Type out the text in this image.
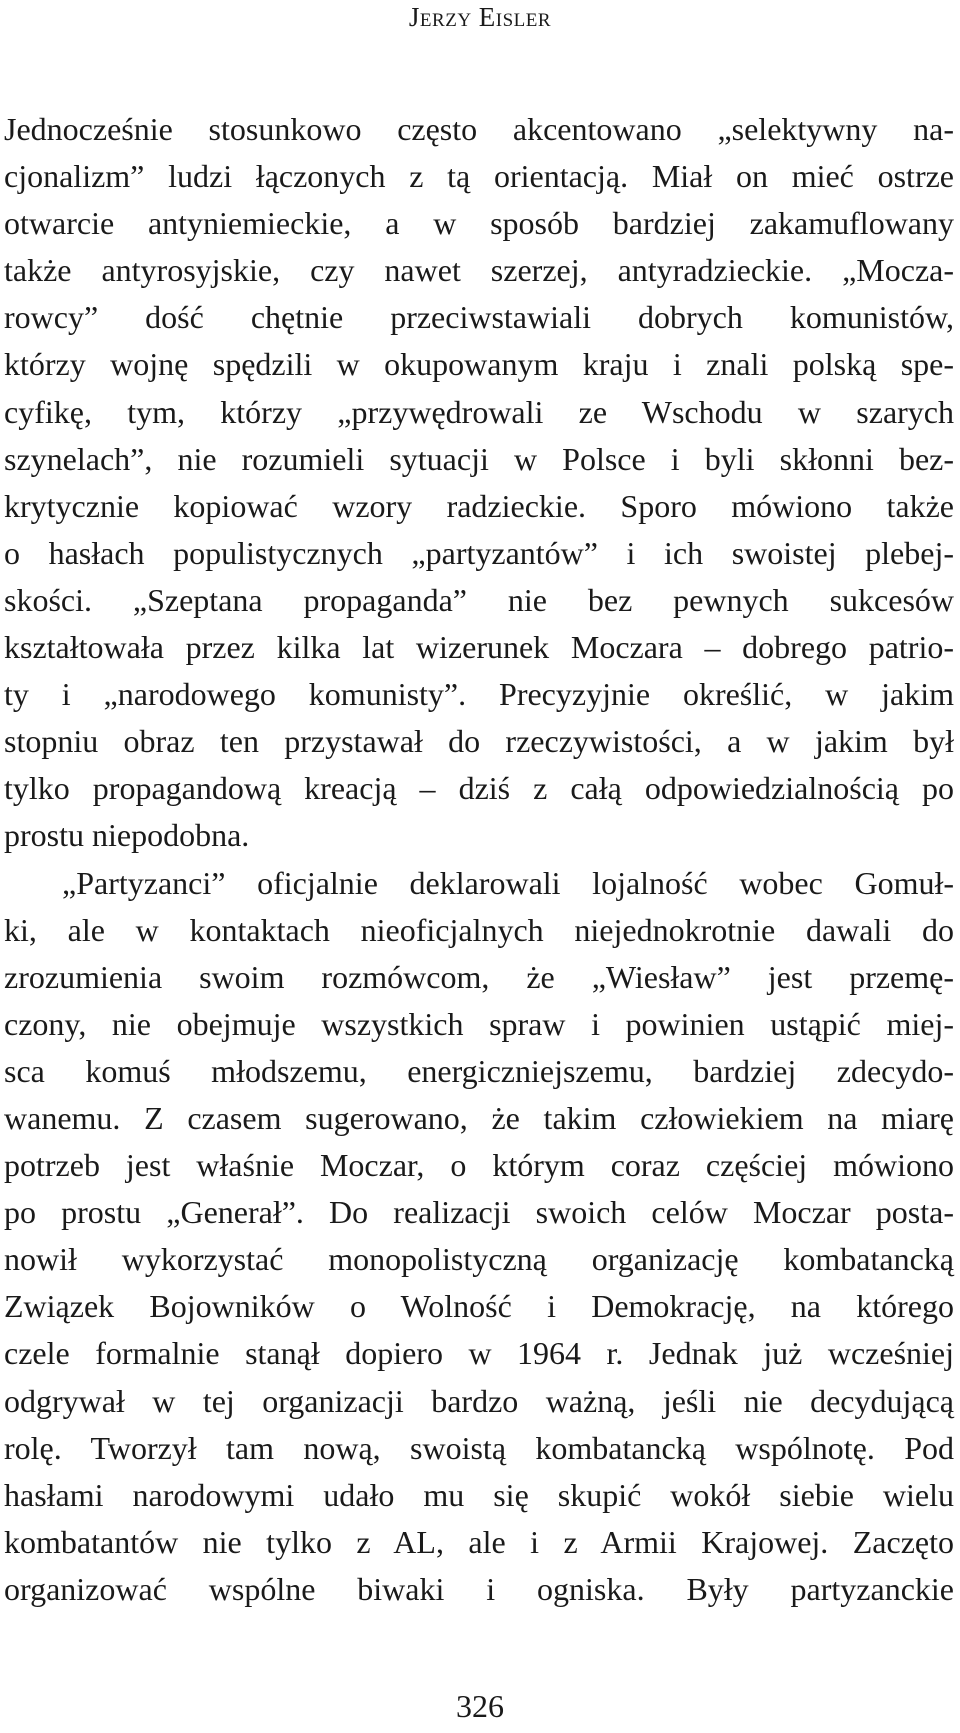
Jerzy Eisler
Jednocześnie stosunkowo często akcentowano „selektywny na-
cjonalizm” ludzi łączonych z tą orientacją. Miał on mieć ostrze
otwarcie antyniemieckie, a w sposób bardziej zakamuflowany
także antyrosyjskie, czy nawet szerzej, antyradzieckie. „Mocza-
rowcy” dość chętnie przeciwstawiali dobrych komunistów,
którzy wojnę spędzili w okupowanym kraju i znali polską spe-
cyfikę, tym, którzy „przywędrowali ze Wschodu w szarych
szynelach”, nie rozumieli sytuacji w Polsce i byli skłonni bez-
krytycznie kopiować wzory radzieckie. Sporo mówiono także
o hasłach populistycznych „partyzantów” i ich swoistej plebej-
skości. „Szeptana propaganda” nie bez pewnych sukcesów
kształtowała przez kilka lat wizerunek Moczara – dobrego patrio-
ty i „narodowego komunisty”. Precyzyjnie określić, w jakim
stopniu obraz ten przystawał do rzeczywistości, a w jakim był
tylko propagandową kreacją – dziś z całą odpowiedzialnością po
prostu niepodobna.
„Partyzanci” oficjalnie deklarowali lojalność wobec Gomuł-
ki, ale w kontaktach nieoficjalnych niejednokrotnie dawali do
zrozumienia swoim rozmówcom, że „Wiesław” jest przemę-
czony, nie obejmuje wszystkich spraw i powinien ustąpić miej-
sca komuś młodszemu, energiczniejszemu, bardziej zdecydo-
wanemu. Z czasem sugerowano, że takim człowiekiem na miarę
potrzeb jest właśnie Moczar, o którym coraz częściej mówiono
po prostu „Generał”. Do realizacji swoich celów Moczar posta-
nowił wykorzystać monopolistyczną organizację kombatancką
Związek Bojowników o Wolność i Demokrację, na którego
czele formalnie stanął dopiero w 1964 r. Jednak już wcześniej
odgrywał w tej organizacji bardzo ważną, jeśli nie decydującą
rolę. Tworzył tam nową, swoistą kombatancką wspólnotę. Pod
hasłami narodowymi udało mu się skupić wokół siebie wielu
kombatantów nie tylko z AL, ale i z Armii Krajowej. Zaczęto
organizować wspólne biwaki i ogniska. Były partyzanckie
326
